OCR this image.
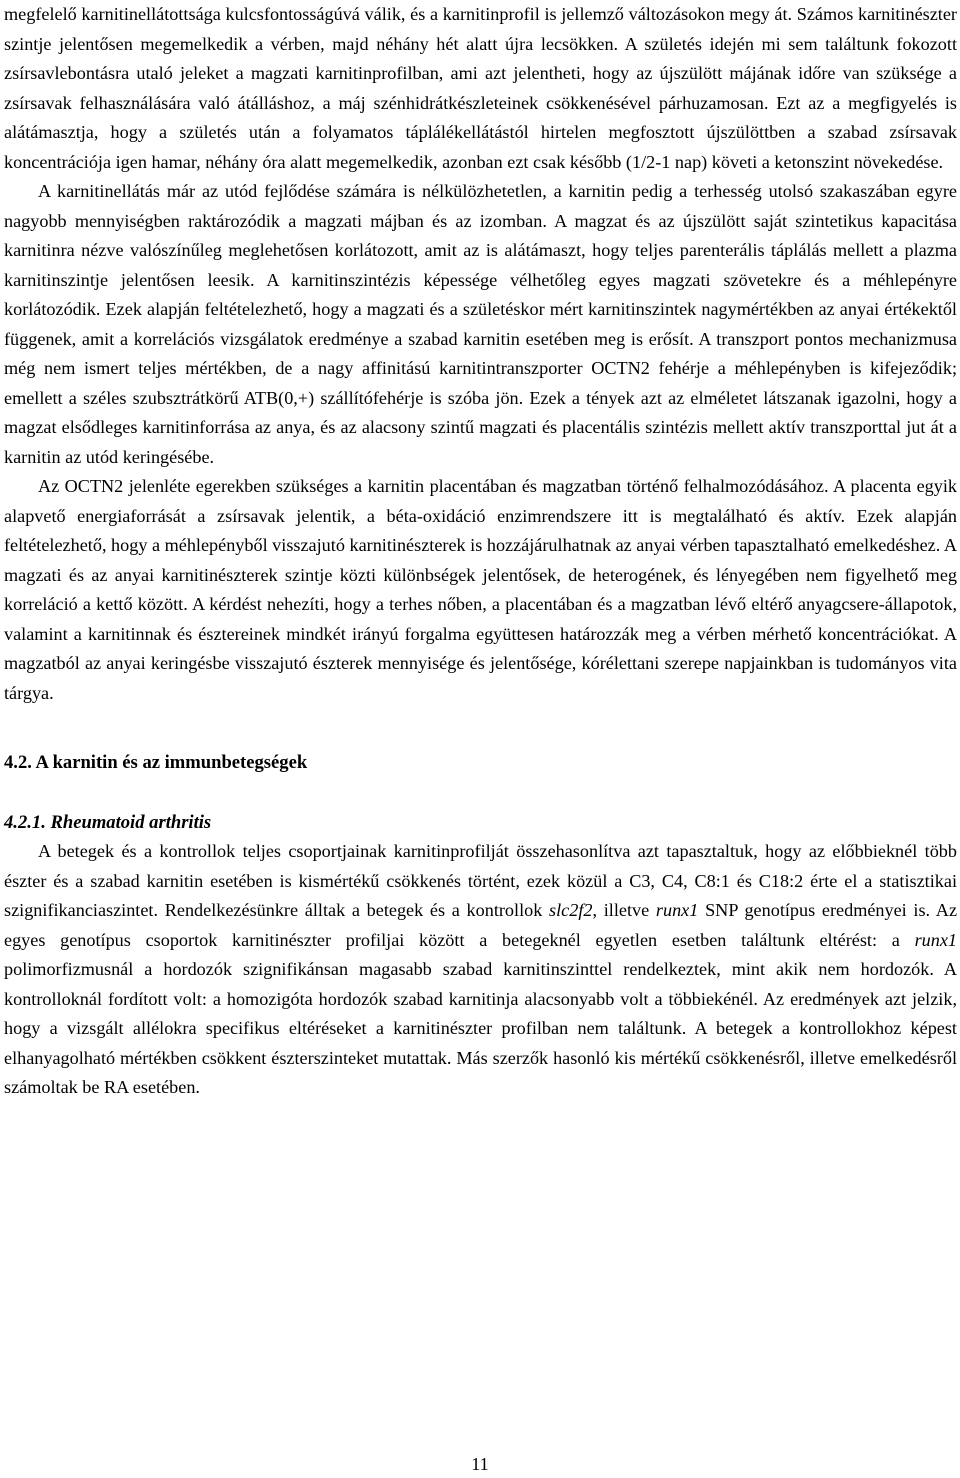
megfelelő karnitinellátottsága kulcsfontosságúvá válik, és a karnitinprofil is jellemző változásokon megy át. Számos karnitinészter szintje jelentősen megemelkedik a vérben, majd néhány hét alatt újra lecsökken. A születés idején mi sem találtunk fokozott zsírsavlebontásra utaló jeleket a magzati karnitinprofilban, ami azt jelentheti, hogy az újszülött májának időre van szüksége a zsírsavak felhasználására való átálláshoz, a máj szénhidrátkészleteinek csökkenésével párhuzamosan. Ezt az a megfigyelés is alátámasztja, hogy a születés után a folyamatos táplálékellátástól hirtelen megfosztott újszülöttben a szabad zsírsavak koncentrációja igen hamar, néhány óra alatt megemelkedik, azonban ezt csak később (1/2-1 nap) követi a ketonszint növekedése.

A karnitinellátás már az utód fejlődése számára is nélkülözhetetlen, a karnitin pedig a terhesség utolsó szakaszában egyre nagyobb mennyiségben raktározódik a magzati májban és az izomban. A magzat és az újszülött saját szintetikus kapacitása karnitinra nézve valószínűleg meglehetősen korlátozott, amit az is alátámaszt, hogy teljes parenterális táplálás mellett a plazma karnitinszintje jelentősen leesik. A karnitinszintézis képessége vélhetőleg egyes magzati szövetekre és a méhlepényre korlátozódik. Ezek alapján feltételezhető, hogy a magzati és a születéskor mért karnitinszintek nagymértékben az anyai értékektől függenek, amit a korrelációs vizsgálatok eredménye a szabad karnitin esetében meg is erősít. A transzport pontos mechanizmusa még nem ismert teljes mértékben, de a nagy affinitású karnitintranszporter OCTN2 fehérje a méhlepényben is kifejeződik; emellett a széles szubsztrátkörű ATB(0,+) szállítófehérje is szóba jön. Ezek a tények azt az elméletet látszanak igazolni, hogy a magzat elsődleges karnitinforrása az anya, és az alacsony szintű magzati és placentális szintézis mellett aktív transzporttal jut át a karnitin az utód keringésébe.

Az OCTN2 jelenléte egerekben szükséges a karnitin placentában és magzatban történő felhalmozódásához. A placenta egyik alapvető energiaforrását a zsírsavak jelentik, a béta-oxidáció enzimrendszere itt is megtalálható és aktív. Ezek alapján feltételezhető, hogy a méhlepényből visszajutó karnitinészterek is hozzájárulhatnak az anyai vérben tapasztalható emelkedéshez. A magzati és az anyai karnitinészterek szintje közti különbségek jelentősek, de heterogének, és lényegében nem figyelhető meg korreláció a kettő között. A kérdést nehezíti, hogy a terhes nőben, a placentában és a magzatban lévő eltérő anyagcsere-állapotok, valamint a karnitinnak és észtereinek mindkét irányú forgalma együttesen határozzák meg a vérben mérhető koncentrációkat. A magzatból az anyai keringésbe visszajutó észterek mennyisége és jelentősége, kórélettani szerepe napjainkban is tudományos vita tárgya.

4.2. A karnitin és az immunbetegségek
4.2.1. Rheumatoid arthritis

A betegek és a kontrollok teljes csoportjainak karnitinprofilját összehasonlítva azt tapasztaltuk, hogy az előbbieknél több észter és a szabad karnitin esetében is kismértékű csökkenés történt, ezek közül a C3, C4, C8:1 és C18:2 érte el a statisztikai szignifikanciaszintet. Rendelkezésünkre álltak a betegek és a kontrollok slc2f2, illetve runx1 SNP genotípus eredményei is. Az egyes genotípus csoportok karnitinészter profiljai között a betegeknél egyetlen esetben találtunk eltérést: a runx1 polimorfizmusnál a hordozók szignifikánsan magasabb szabad karnitinszinttel rendelkeztek, mint akik nem hordozók. A kontrolloknál fordított volt: a homozigóta hordozók szabad karnitinja alacsonyabb volt a többiekénél. Az eredmények azt jelzik, hogy a vizsgált allélokra specifikus eltéréseket a karnitinészter profilban nem találtunk. A betegek a kontrollokhoz képest elhanyagolható mértékben csökkent észterszinteket mutattak. Más szerzők hasonló kis mértékű csökkenésről, illetve emelkedésről számoltak be RA esetében.

11
